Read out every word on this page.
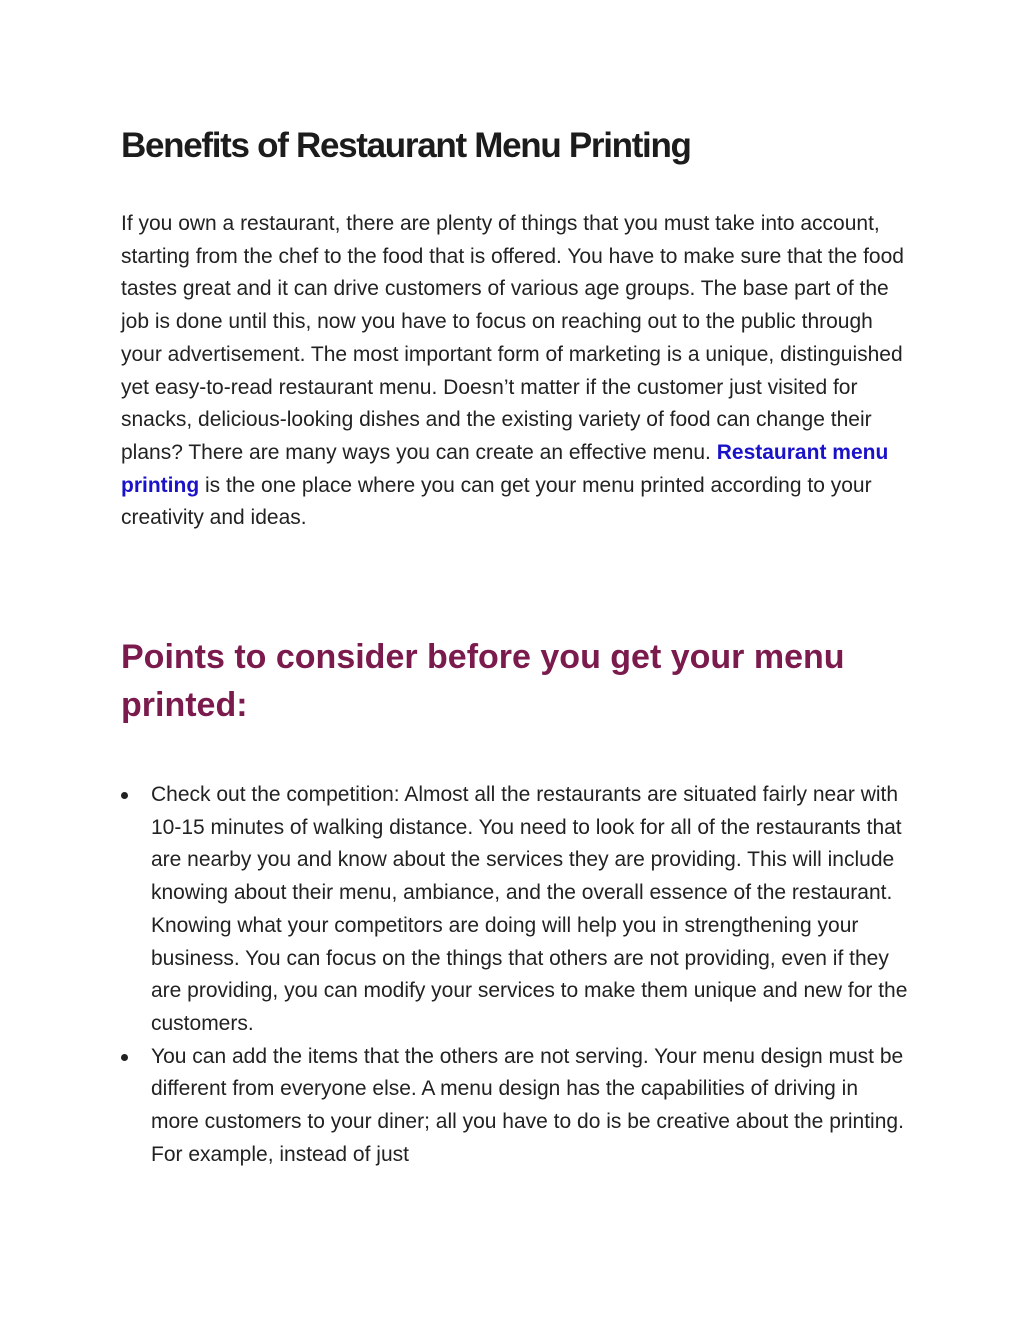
Benefits of Restaurant Menu Printing

If you own a restaurant, there are plenty of things that you must take into account, starting from the chef to the food that is offered. You have to make sure that the food tastes great and it can drive customers of various age groups. The base part of the job is done until this, now you have to focus on reaching out to the public through your advertisement. The most important form of marketing is a unique, distinguished yet easy-to-read restaurant menu. Doesn’t matter if the customer just visited for snacks, delicious-looking dishes and the existing variety of food can change their plans? There are many ways you can create an effective menu. Restaurant menu printing is the one place where you can get your menu printed according to your creativity and ideas.

Points to consider before you get your menu printed:
Check out the competition: Almost all the restaurants are situated fairly near with 10-15 minutes of walking distance. You need to look for all of the restaurants that are nearby you and know about the services they are providing. This will include knowing about their menu, ambiance, and the overall essence of the restaurant. Knowing what your competitors are doing will help you in strengthening your business. You can focus on the things that others are not providing, even if they are providing, you can modify your services to make them unique and new for the customers.
You can add the items that the others are not serving. Your menu design must be different from everyone else. A menu design has the capabilities of driving in more customers to your diner; all you have to do is be creative about the printing. For example, instead of just
